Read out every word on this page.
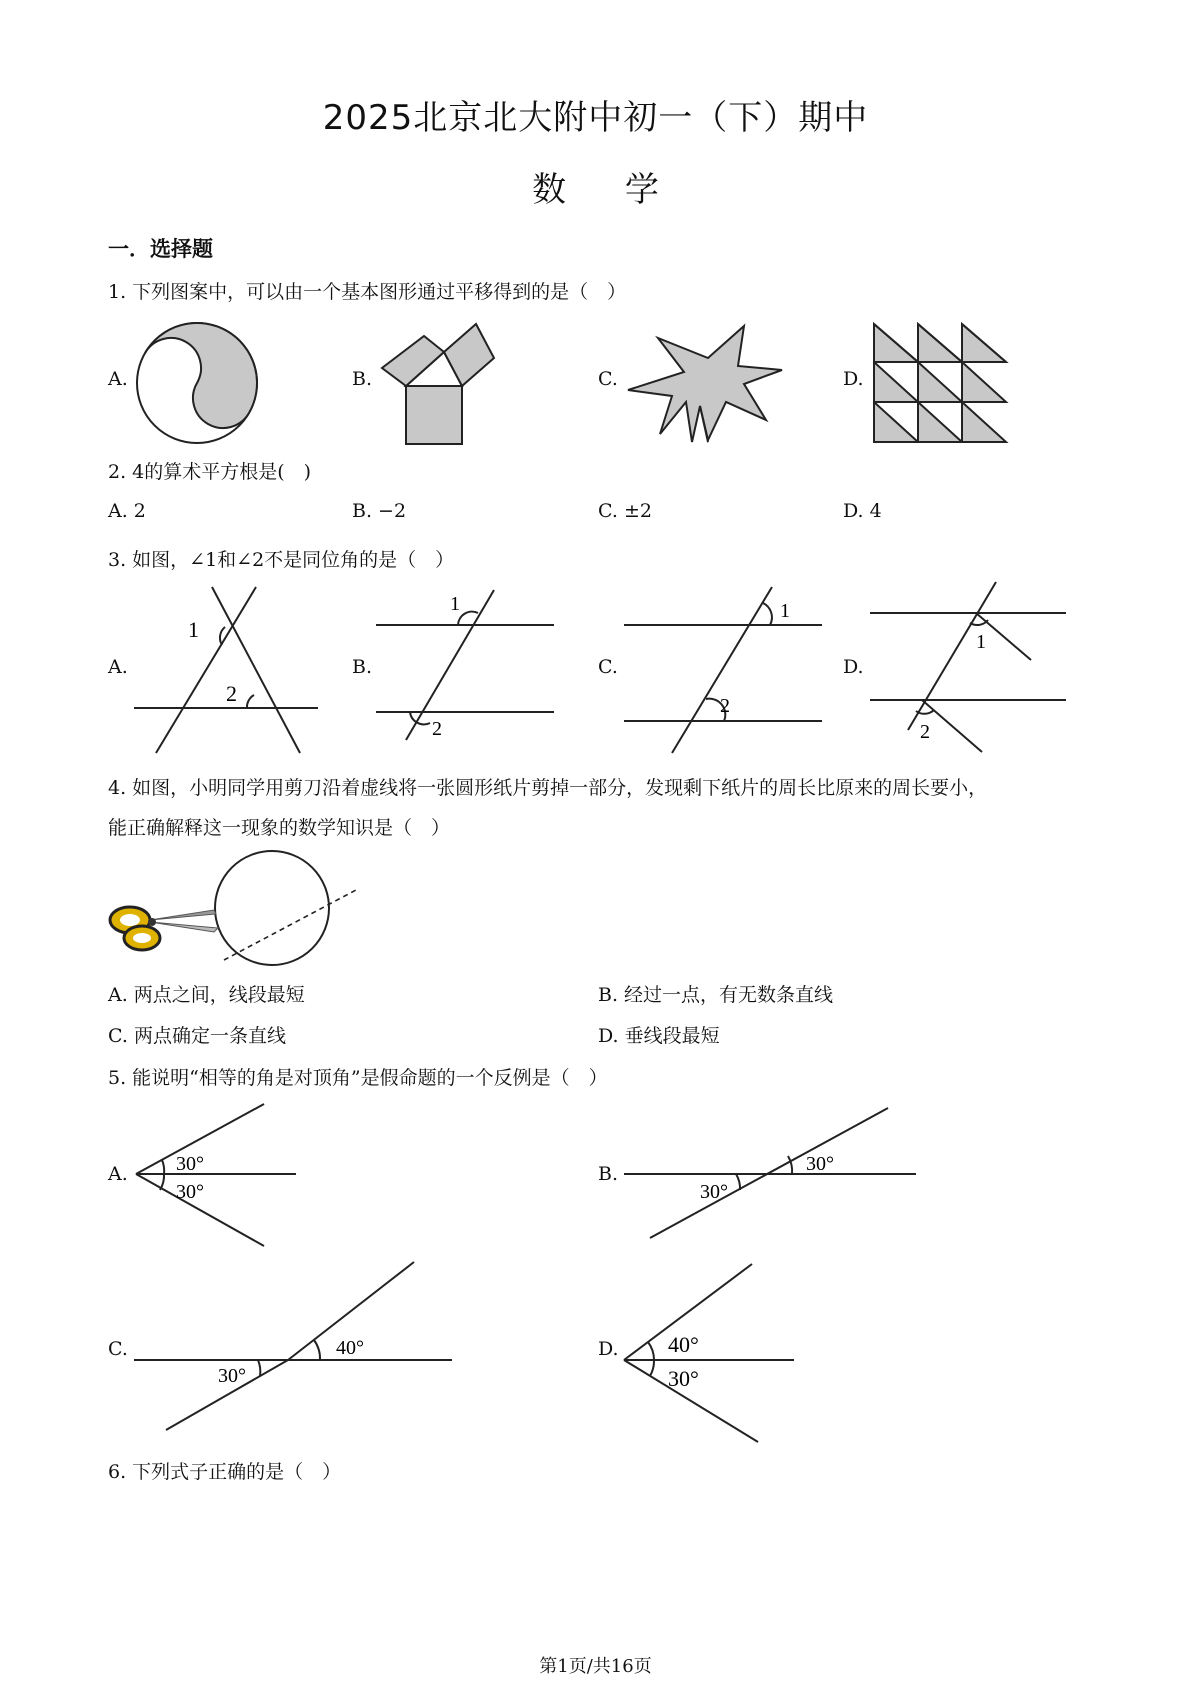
2025北京北大附中初一（下）期中
数 学
一．选择题
1. 下列图案中，可以由一个基本图形通过平移得到的是（　）
A.	B.	C.	D.
2. 4的算术平方根是(　)
A. 2	B. −2	C. ±2	D. 4
3. 如图，∠1和∠2不是同位角的是（　）
A.	B.	C.	D.
1
2
1
2
1
2
1
2
4. 如图，小明同学用剪刀沿着虚线将一张圆形纸片剪掉一部分，发现剩下纸片的周长比原来的周长要小，
能正确解释这一现象的数学知识是（　）
A. 两点之间，线段最短	B. 经过一点，有无数条直线
C. 两点确定一条直线	D. 垂线段最短
5. 能说明“相等的角是对顶角”是假命题的一个反例是（　）
A.	B.
C.	D.
30°
30°
30°
30°
40°
30°
40°
30°
6. 下列式子正确的是（　）
第1页/共16页
